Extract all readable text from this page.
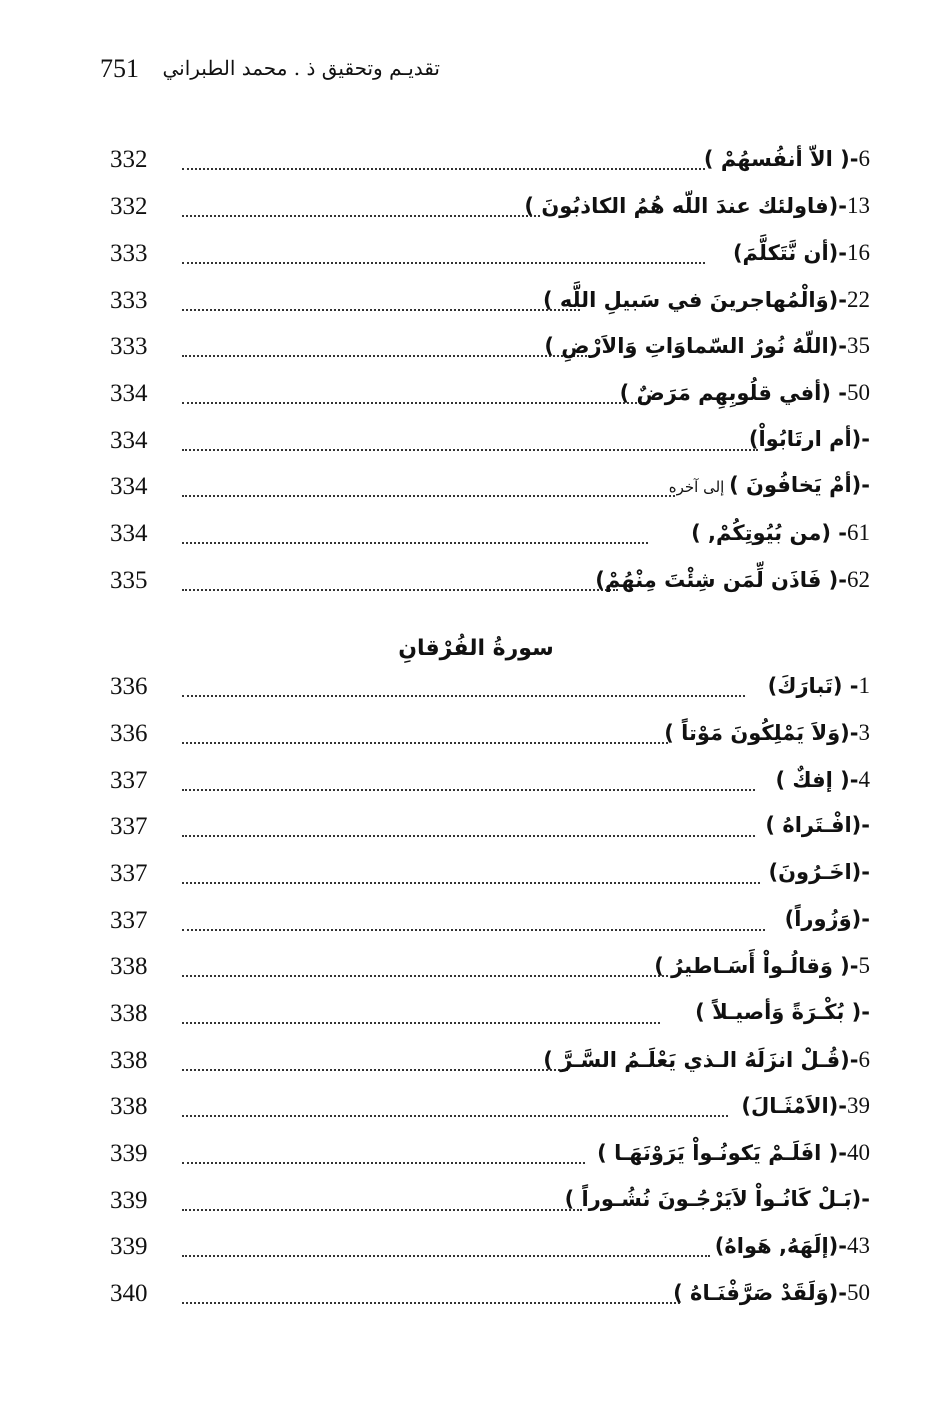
751 تقديـم وتحقيق ذ . محمد الطبراني
سورةُ الفُرْقانِ
332	6-( الاّ أنفُسهُمْ )
332	13-(فاولئك عندَ اللّه هُمُ الكاذبُونَ )
333	16-(أن نَّتَكلَّمَ)
333	22-(وَالْمُهاجرينَ في سَبيلِ اللَّه )
333	35-(اللّهُ نُورُ السّماوَاتِ وَالاَرْضِ )
334	50- (أفي قلُوبِهِم مَرَضٌ )
334	-(أم ارتَابُواْ)
334	-(أمْ يَخافُونَ ) إلى آخره
334	61- (من بُيُوتِكُمْ, )
335	62-( فَاذَن لِّمَن شِئْتَ مِنْهُمْ)
336	1- (تَبارَكَ)
336	3-(وَلاَ يَمْلِكُونَ مَوْتاً )
337	4-( إفكٌ )
337	-(افْـتَراهُ )
337	-(اخَـرُونَ)
337	-(وَزُوراً)
338	5-( وَقالُـواْ أَسَـاطيرُ )
338	-( بُكْـرَةً وَأصيـلاً )
338	6-(قُـلْ انزَلَهُ الـذي يَعْلَـمُ السَّـرَّ )
338	39-(الاَمْثَـالَ)
339	40-( افَلَـمْ يَكونُـواْ يَرَوْنَهَـا )
339	-(بَـلْ كَانُـواْ لاَيَرْجُـونَ نُشُـوراً )
339	43-(إلَهَهُ, هَواهُ)
340	50-(وَلَقَدْ صَرَّفْنَـاهُ )
